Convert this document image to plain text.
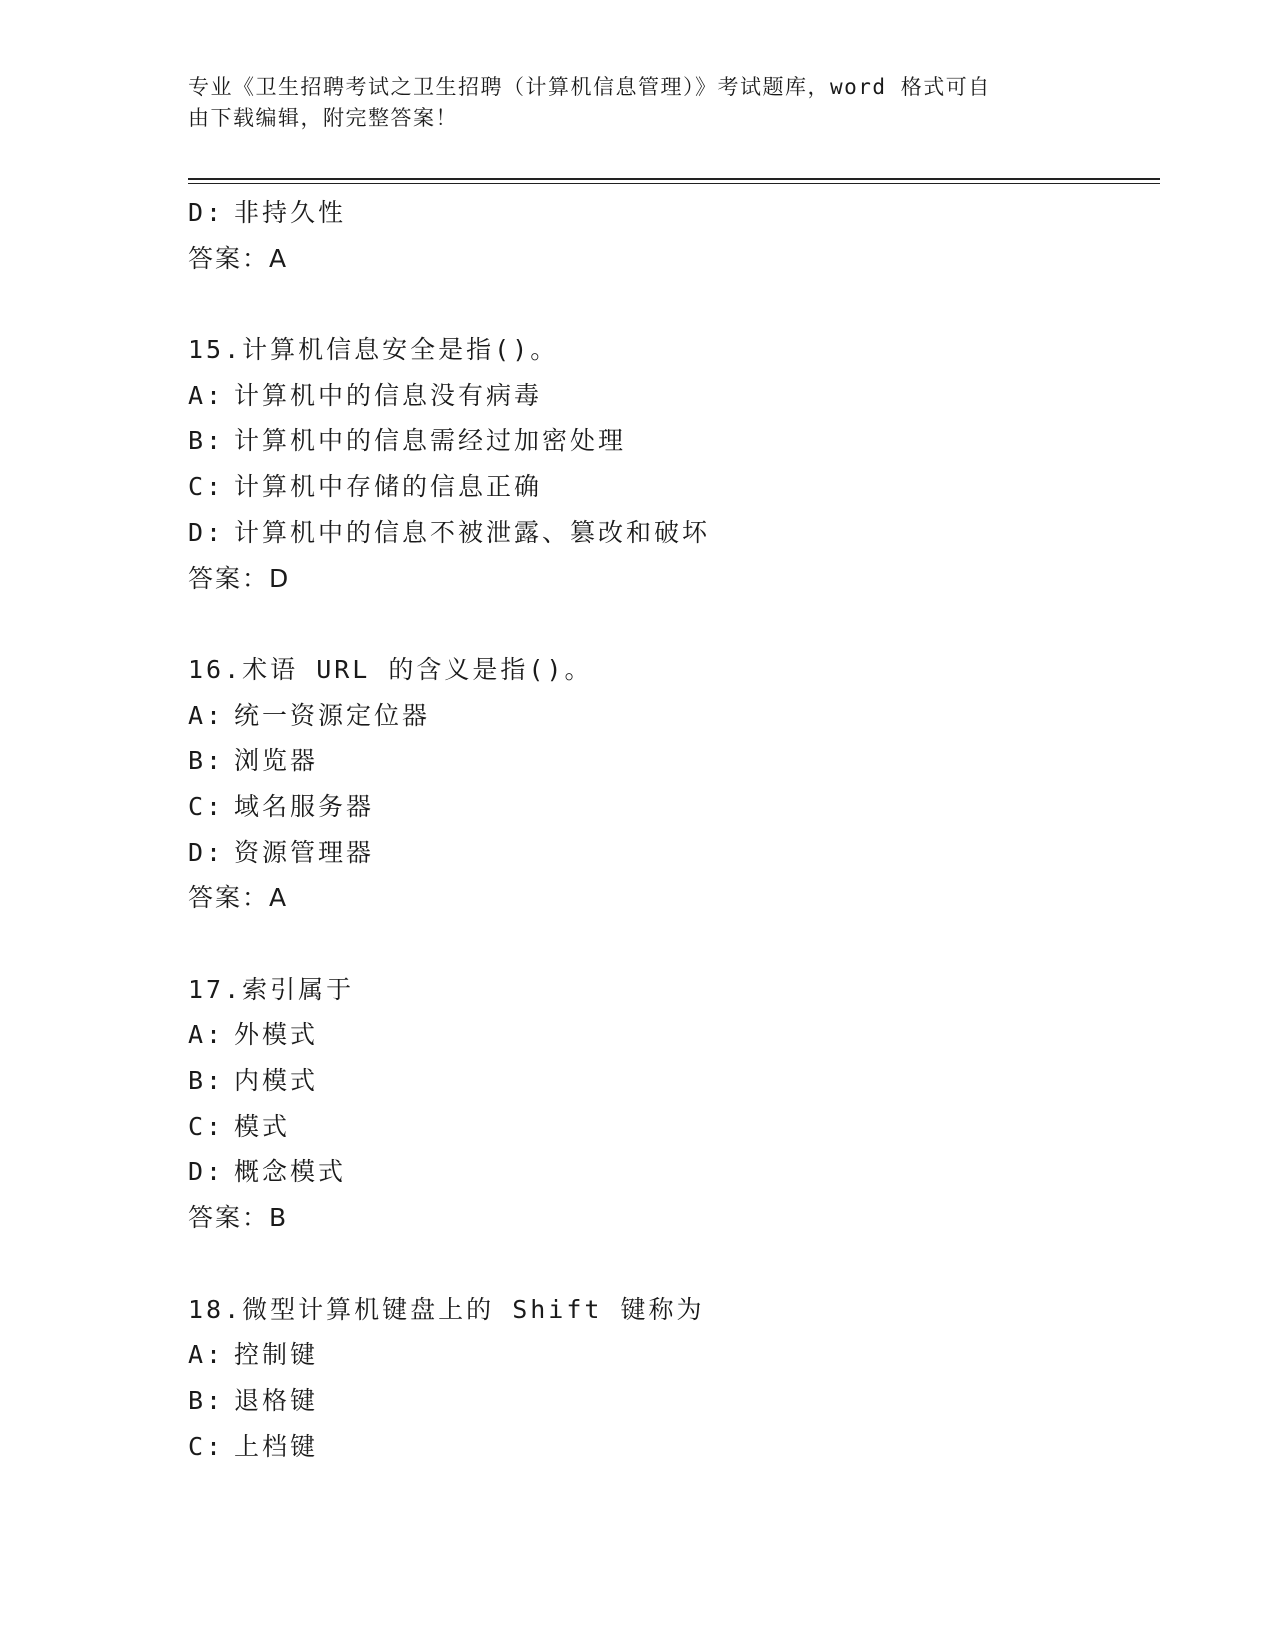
专业《卫生招聘考试之卫生招聘（计算机信息管理）》考试题库，word 格式可自
由下载编辑，附完整答案！
D: 非持久性
答案：A
15.计算机信息安全是指()。
A: 计算机中的信息没有病毒
B: 计算机中的信息需经过加密处理
C: 计算机中存储的信息正确
D: 计算机中的信息不被泄露、篡改和破坏
答案：D
16.术语 URL 的含义是指()。
A: 统一资源定位器
B: 浏览器
C: 域名服务器
D: 资源管理器
答案：A
17.索引属于
A: 外模式
B: 内模式
C: 模式
D: 概念模式
答案：B
18.微型计算机键盘上的 Shift 键称为
A: 控制键
B: 退格键
C: 上档键
